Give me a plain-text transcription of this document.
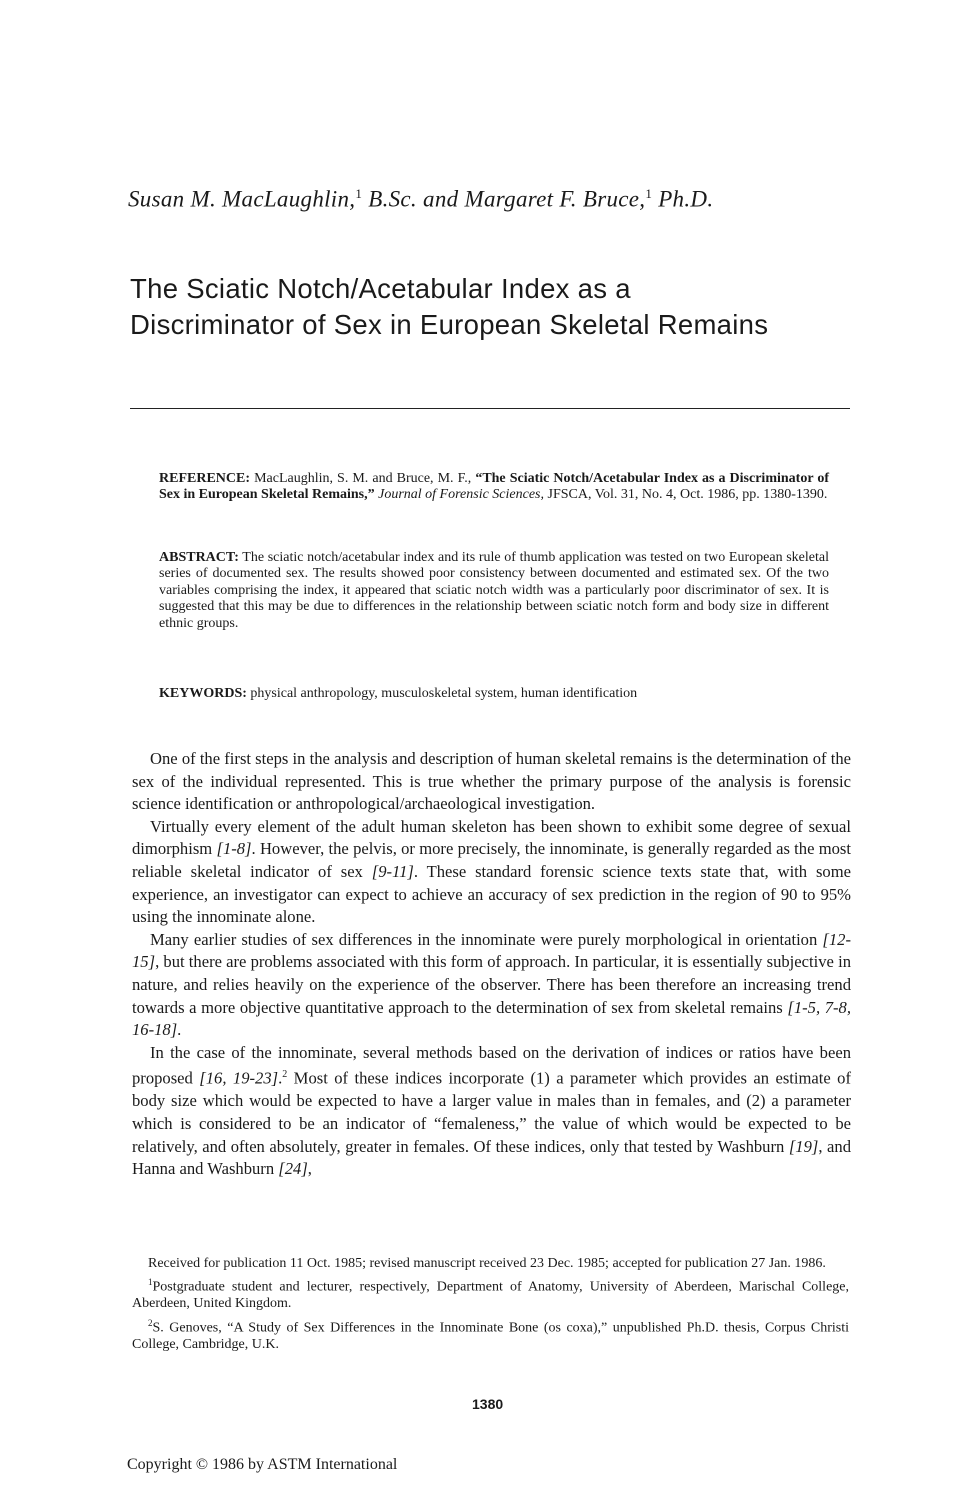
Susan M. MacLaughlin,$^1$ B.Sc. and Margaret F. Bruce,$^1$ Ph.D.
The Sciatic Notch/Acetabular Index as a
Discriminator of Sex in European Skeletal Remains
REFERENCE: MacLaughlin, S. M. and Bruce, M. F., “The Sciatic Notch/Acetabular Index as a Discriminator of Sex in European Skeletal Remains,” Journal of Forensic Sciences, JFSCA, Vol. 31, No. 4, Oct. 1986, pp. 1380-1390.
ABSTRACT: The sciatic notch/acetabular index and its rule of thumb application was tested on two European skeletal series of documented sex. The results showed poor consistency between documented and estimated sex. Of the two variables comprising the index, it appeared that sciatic notch width was a particularly poor discriminator of sex. It is suggested that this may be due to differences in the relationship between sciatic notch form and body size in different ethnic groups.
KEYWORDS: physical anthropology, musculoskeletal system, human identification

One of the first steps in the analysis and description of human skeletal remains is the determination of the sex of the individual represented. This is true whether the primary purpose of the analysis is forensic science identification or anthropological/archaeological investigation.

Virtually every element of the adult human skeleton has been shown to exhibit some degree of sexual dimorphism [1-8]. However, the pelvis, or more precisely, the innominate, is generally regarded as the most reliable skeletal indicator of sex [9-11]. These standard forensic science texts state that, with some experience, an investigator can expect to achieve an accuracy of sex prediction in the region of 90 to 95% using the innominate alone.

Many earlier studies of sex differences in the innominate were purely morphological in orientation [12-15], but there are problems associated with this form of approach. In particular, it is essentially subjective in nature, and relies heavily on the experience of the observer. There has been therefore an increasing trend towards a more objective quantitative approach to the determination of sex from skeletal remains [1-5, 7-8, 16-18].

In the case of the innominate, several methods based on the derivation of indices or ratios have been proposed [16, 19-23].$^2$ Most of these indices incorporate (1) a parameter which provides an estimate of body size which would be expected to have a larger value in males than in females, and (2) a parameter which is considered to be an indicator of “femaleness,” the value of which would be expected to be relatively, and often absolutely, greater in females. Of these indices, only that tested by Washburn [19], and Hanna and Washburn [24],

Received for publication 11 Oct. 1985; revised manuscript received 23 Dec. 1985; accepted for publication 27 Jan. 1986.

$^1$Postgraduate student and lecturer, respectively, Department of Anatomy, University of Aberdeen, Marischal College, Aberdeen, United Kingdom.

$^2$S. Genoves, “A Study of Sex Differences in the Innominate Bone (os coxa),” unpublished Ph.D. thesis, Corpus Christi College, Cambridge, U.K.

1380
Copyright © 1986 by ASTM International
